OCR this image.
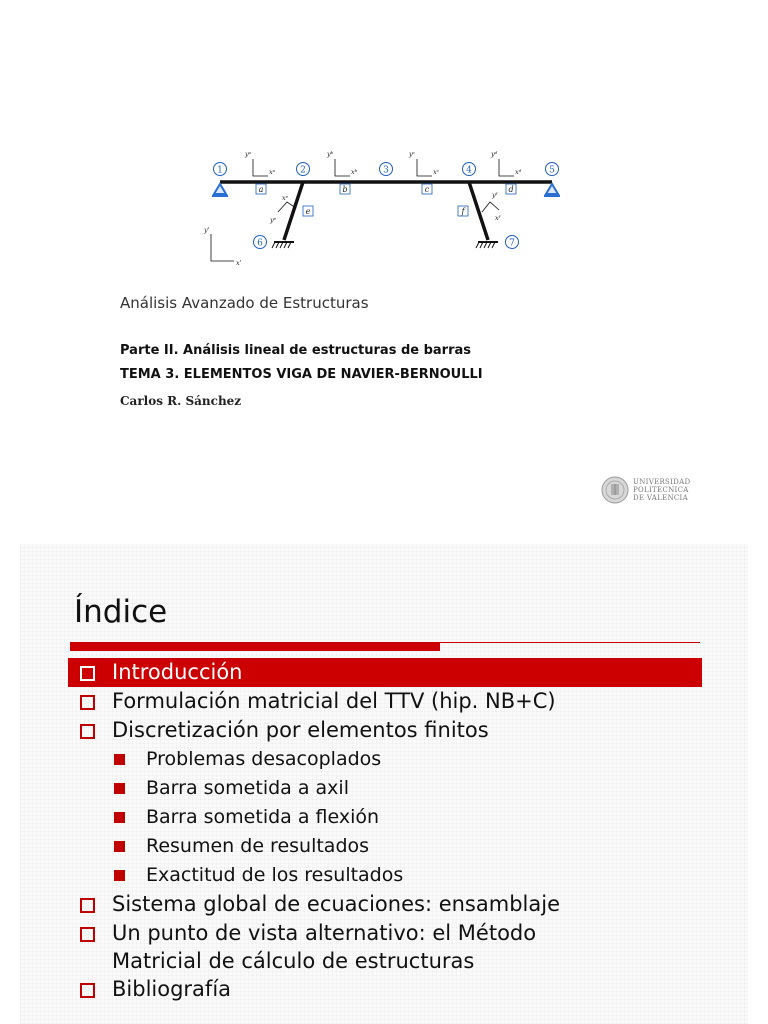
1	2	3	4	5
6	7
a	b	c	d
e	f
yᵃ
xᵃ
yᵇ
xᵇ
yᶜ
xᶜ
yᵈ
xᵈ
xᵉ
yᵉ
yᶠ
xᶠ
y'
x'
Análisis Avanzado de Estructuras
Parte II. Análisis lineal de estructuras de barras
TEMA 3. ELEMENTOS VIGA DE NAVIER-BERNOULLI
Carlos R. Sánchez
UNIVERSIDAD
POLITECNICA
DE VALENCIA
Índice
Introducción
Formulación matricial del TTV (hip. NB+C)
Discretización por elementos finitos
Problemas desacoplados
Barra sometida a axil
Barra sometida a flexión
Resumen de resultados
Exactitud de los resultados
Sistema global de ecuaciones: ensamblaje
Un punto de vista alternativo: el Método
Matricial de cálculo de estructuras
Bibliografía
